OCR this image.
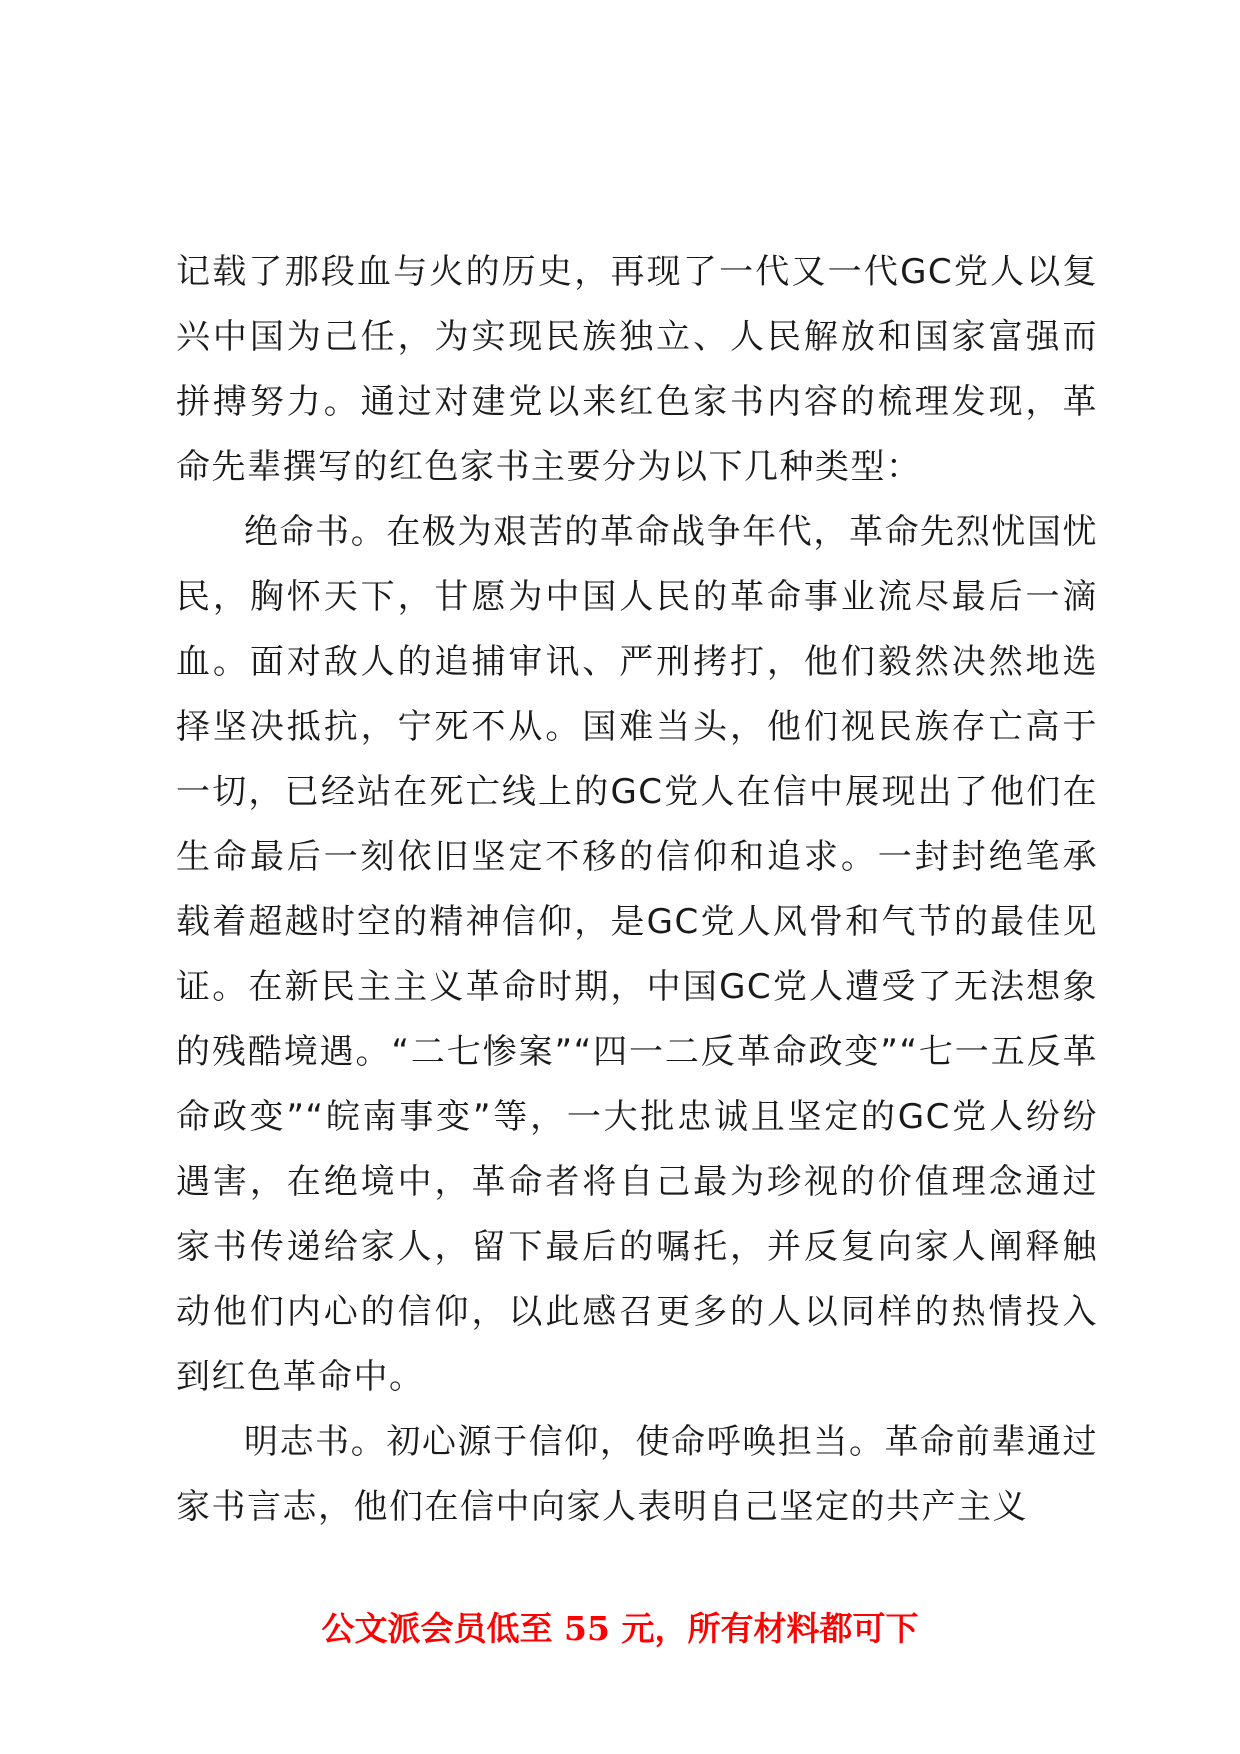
记载了那段血与火的历史，再现了一代又一代GC党人以复兴中国为己任，为实现民族独立、人民解放和国家富强而拼搏努力。通过对建党以来红色家书内容的梳理发现，革命先辈撰写的红色家书主要分为以下几种类型：

绝命书。在极为艰苦的革命战争年代，革命先烈忧国忧民，胸怀天下，甘愿为中国人民的革命事业流尽最后一滴血。面对敌人的追捕审讯、严刑拷打，他们毅然决然地选择坚决抵抗，宁死不从。国难当头，他们视民族存亡高于一切，已经站在死亡线上的GC党人在信中展现出了他们在生命最后一刻依旧坚定不移的信仰和追求。一封封绝笔承载着超越时空的精神信仰，是GC党人风骨和气节的最佳见证。在新民主主义革命时期，中国GC党人遭受了无法想象的残酷境遇。“二七惨案”“四一二反革命政变”“七一五反革命政变”“皖南事变”等，一大批忠诚且坚定的GC党人纷纷遇害，在绝境中，革命者将自己最为珍视的价值理念通过家书传递给家人，留下最后的嘱托，并反复向家人阐释触动他们内心的信仰，以此感召更多的人以同样的热情投入到红色革命中。

明志书。初心源于信仰，使命呼唤担当。革命前辈通过家书言志，他们在信中向家人表明自己坚定的共产主义

公文派会员低至 55 元，所有材料都可下
